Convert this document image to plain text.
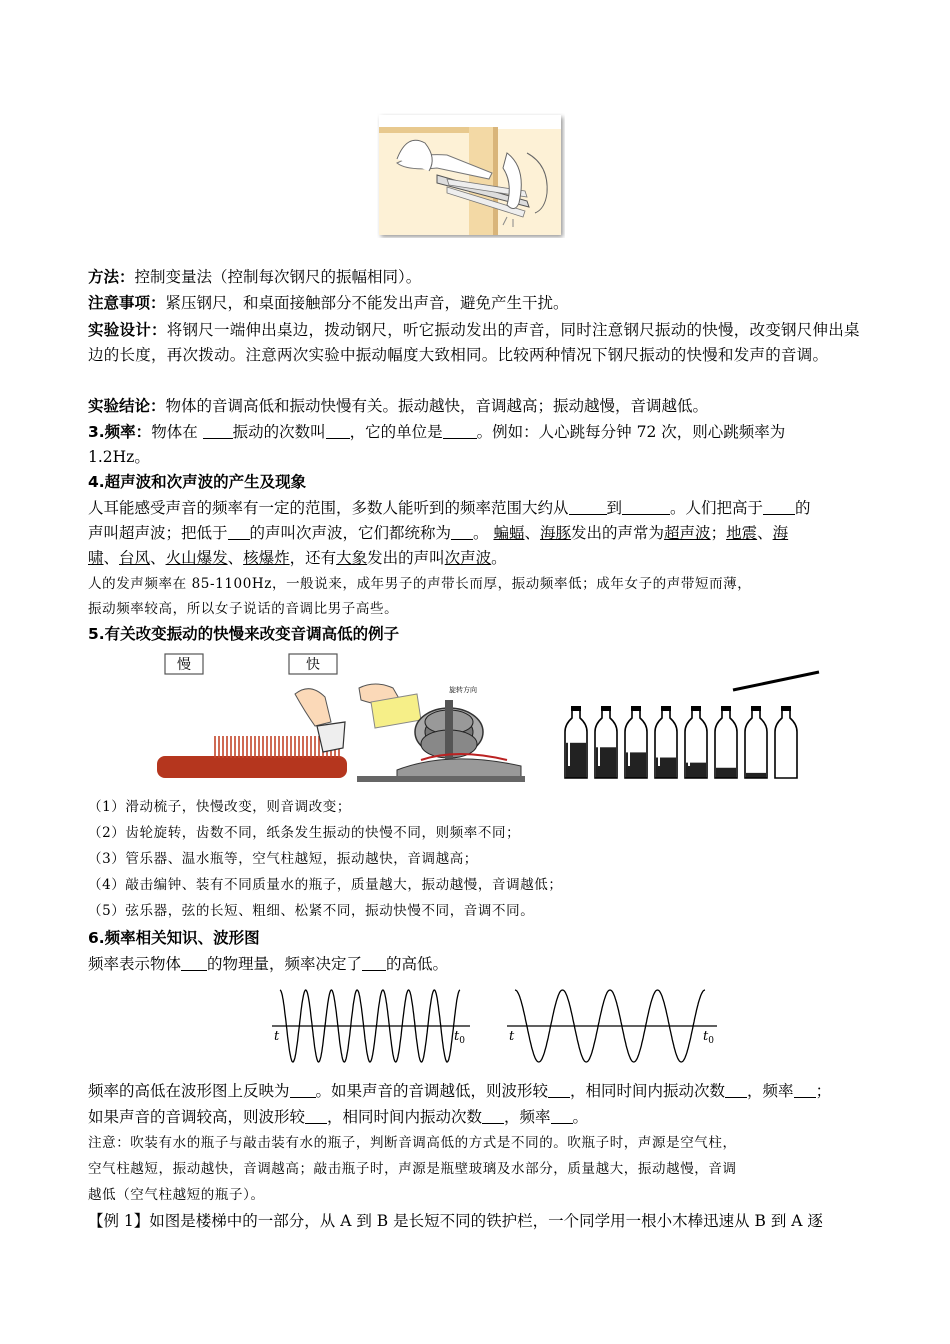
方法：控制变量法（控制每次钢尺的振幅相同）。

注意事项：紧压钢尺，和桌面接触部分不能发出声音，避免产生干扰。

实验设计：将钢尺一端伸出桌边，拨动钢尺，听它振动发出的声音，同时注意钢尺振动的快慢，改变钢尺伸出桌边的长度，再次拨动。注意两次实验中振动幅度大致相同。比较两种情况下钢尺振动的快慢和发声的音调。

实验结论：物体的音调高低和振动快慢有关。振动越快，音调越高；振动越慢，音调越低。

3.频率：物体在 振动的次数叫 ，它的单位是 。例如：人心跳每分钟 72 次，则心跳频率为

1.2Hz。

4.超声波和次声波的产生及现象

人耳能感受声音的频率有一定的范围，多数人能听到的频率范围大约从 到	。人们把高于 的

声叫超声波；把低于 的声叫次声波，它们都统称为 。 蝙蝠、海豚发出的声常为超声波；地震、海

啸、台风、火山爆发、核爆炸，还有大象发出的声叫次声波。

人的发声频率在 85-1100Hz，一般说来，成年男子的声带长而厚，振动频率低；成年女子的声带短而薄，

振动频率较高，所以女子说话的音调比男子高些。

5.有关改变振动的快慢来改变音调高低的例子

（1）滑动梳子，快慢改变，则音调改变；

（2）齿轮旋转，齿数不同，纸条发生振动的快慢不同，则频率不同；

（3）管乐器、温水瓶等，空气柱越短，振动越快，音调越高；

（4）敲击编钟、装有不同质量水的瓶子，质量越大，振动越慢，音调越低；

（5）弦乐器，弦的长短、粗细、松紧不同，振动快慢不同，音调不同。

6.频率相关知识、波形图

频率表示物体 的物理量，频率决定了 的高低。

频率的高低在波形图上反映为 。如果声音的音调越低，则波形较 ，相同时间内振动次数 ，频率 ；

如果声音的音调较高，则波形较 ，相同时间内振动次数 ，频率 。

注意：吹装有水的瓶子与敲击装有水的瓶子，判断音调高低的方式是不同的。吹瓶子时，声源是空气柱，

空气柱越短，振动越快，音调越高；敲击瓶子时，声源是瓶壁玻璃及水部分，质量越大，振动越慢，音调

越低（空气柱越短的瓶子）。

【例 1】如图是楼梯中的一部分，从 A 到 B 是长短不同的铁护栏，一个同学用一根小木棒迅速从 B 到 A 逐

慢	快
旋转方向
t	$t_0$	t	$t_0$
